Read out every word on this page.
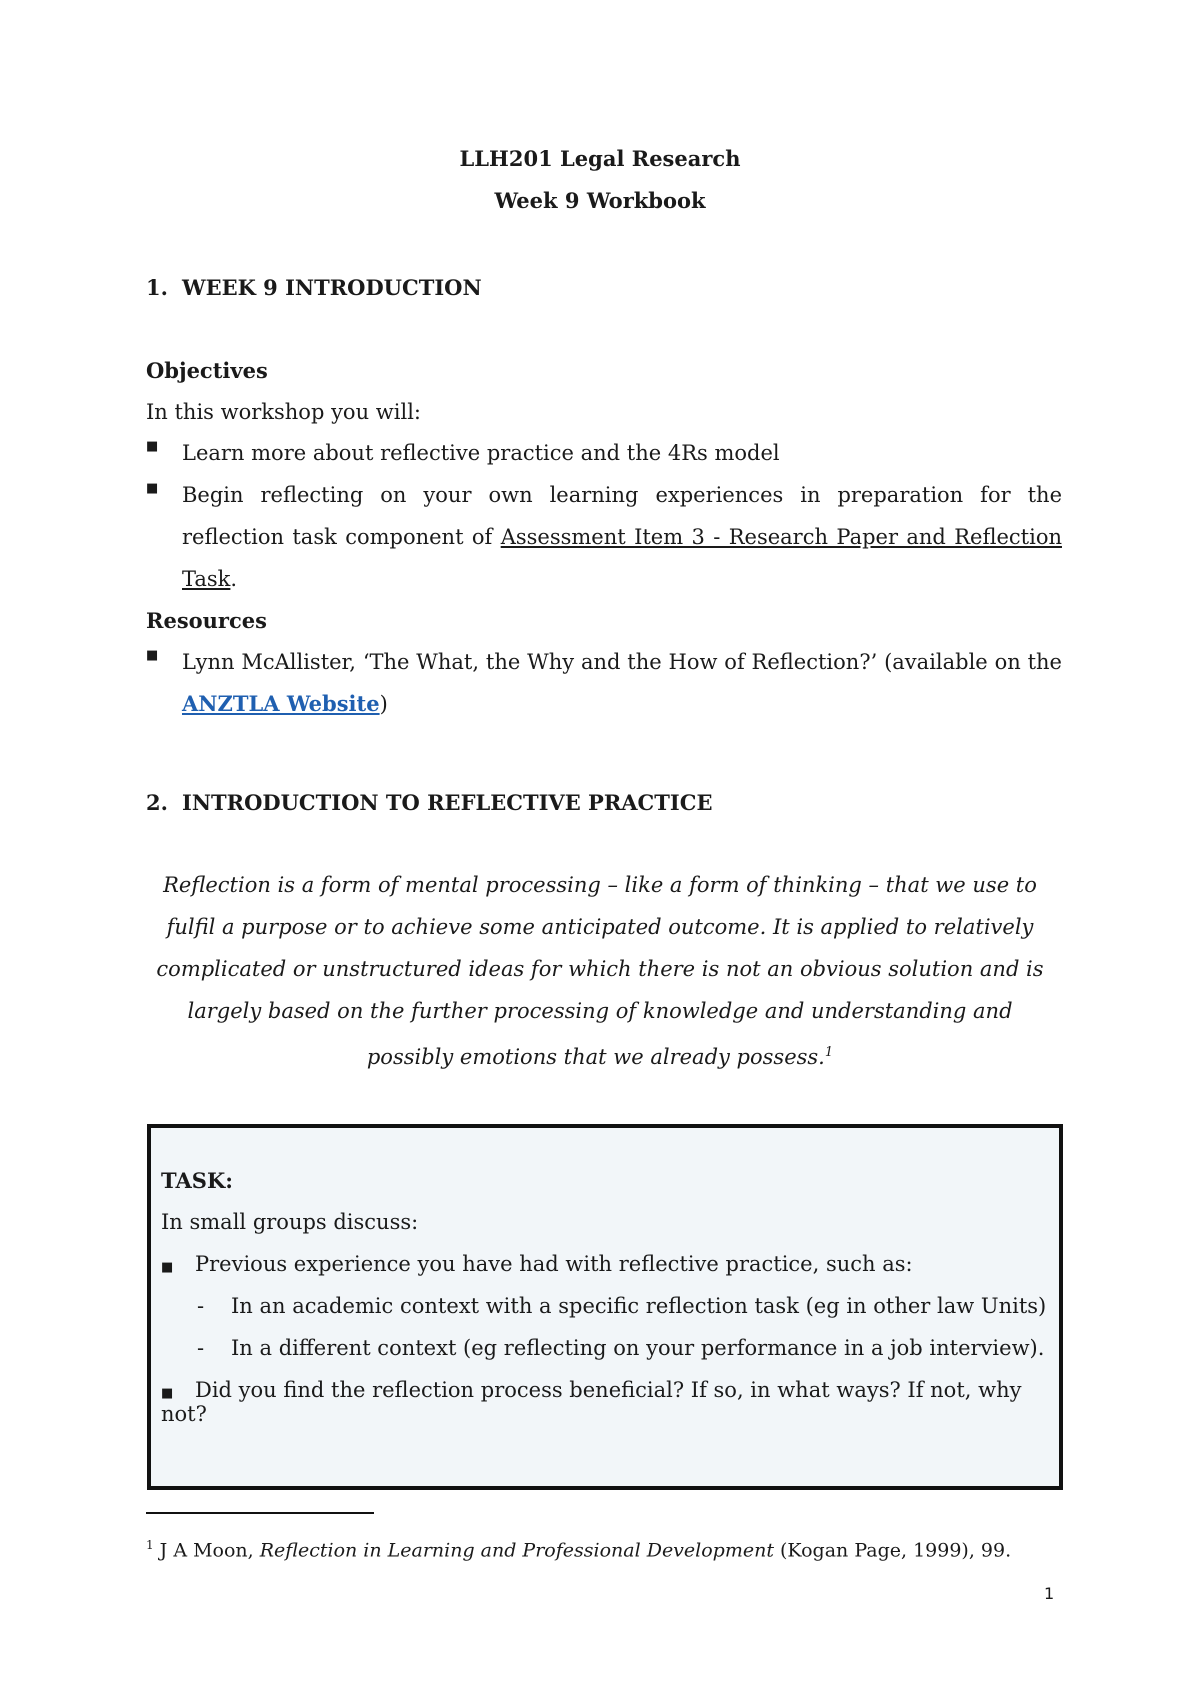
LLH201 Legal Research

Week 9 Workbook

1. WEEK 9 INTRODUCTION

Objectives

In this workshop you will:

■ Learn more about reflective practice and the 4Rs model
■ Begin reflecting on your own learning experiences in preparation for the reflection task component of Assessment Item 3 - Research Paper and Reflection Task.

Resources

■ Lynn McAllister, ‘The What, the Why and the How of Reflection?’ (available on the ANZTLA Website)

2. INTRODUCTION TO REFLECTIVE PRACTICE

Reflection is a form of mental processing – like a form of thinking – that we use to fulfil a purpose or to achieve some anticipated outcome. It is applied to relatively complicated or unstructured ideas for which there is not an obvious solution and is largely based on the further processing of knowledge and understanding and possibly emotions that we already possess.$^1$

TASK:

In small groups discuss:

■ Previous experience you have had with reflective practice, such as:

- In an academic context with a specific reflection task (eg in other law Units)

- In a different context (eg reflecting on your performance in a job interview).

■ Did you find the reflection process beneficial? If so, in what ways? If not, why not?

$^1$ J A Moon, Reflection in Learning and Professional Development (Kogan Page, 1999), 99.

1
